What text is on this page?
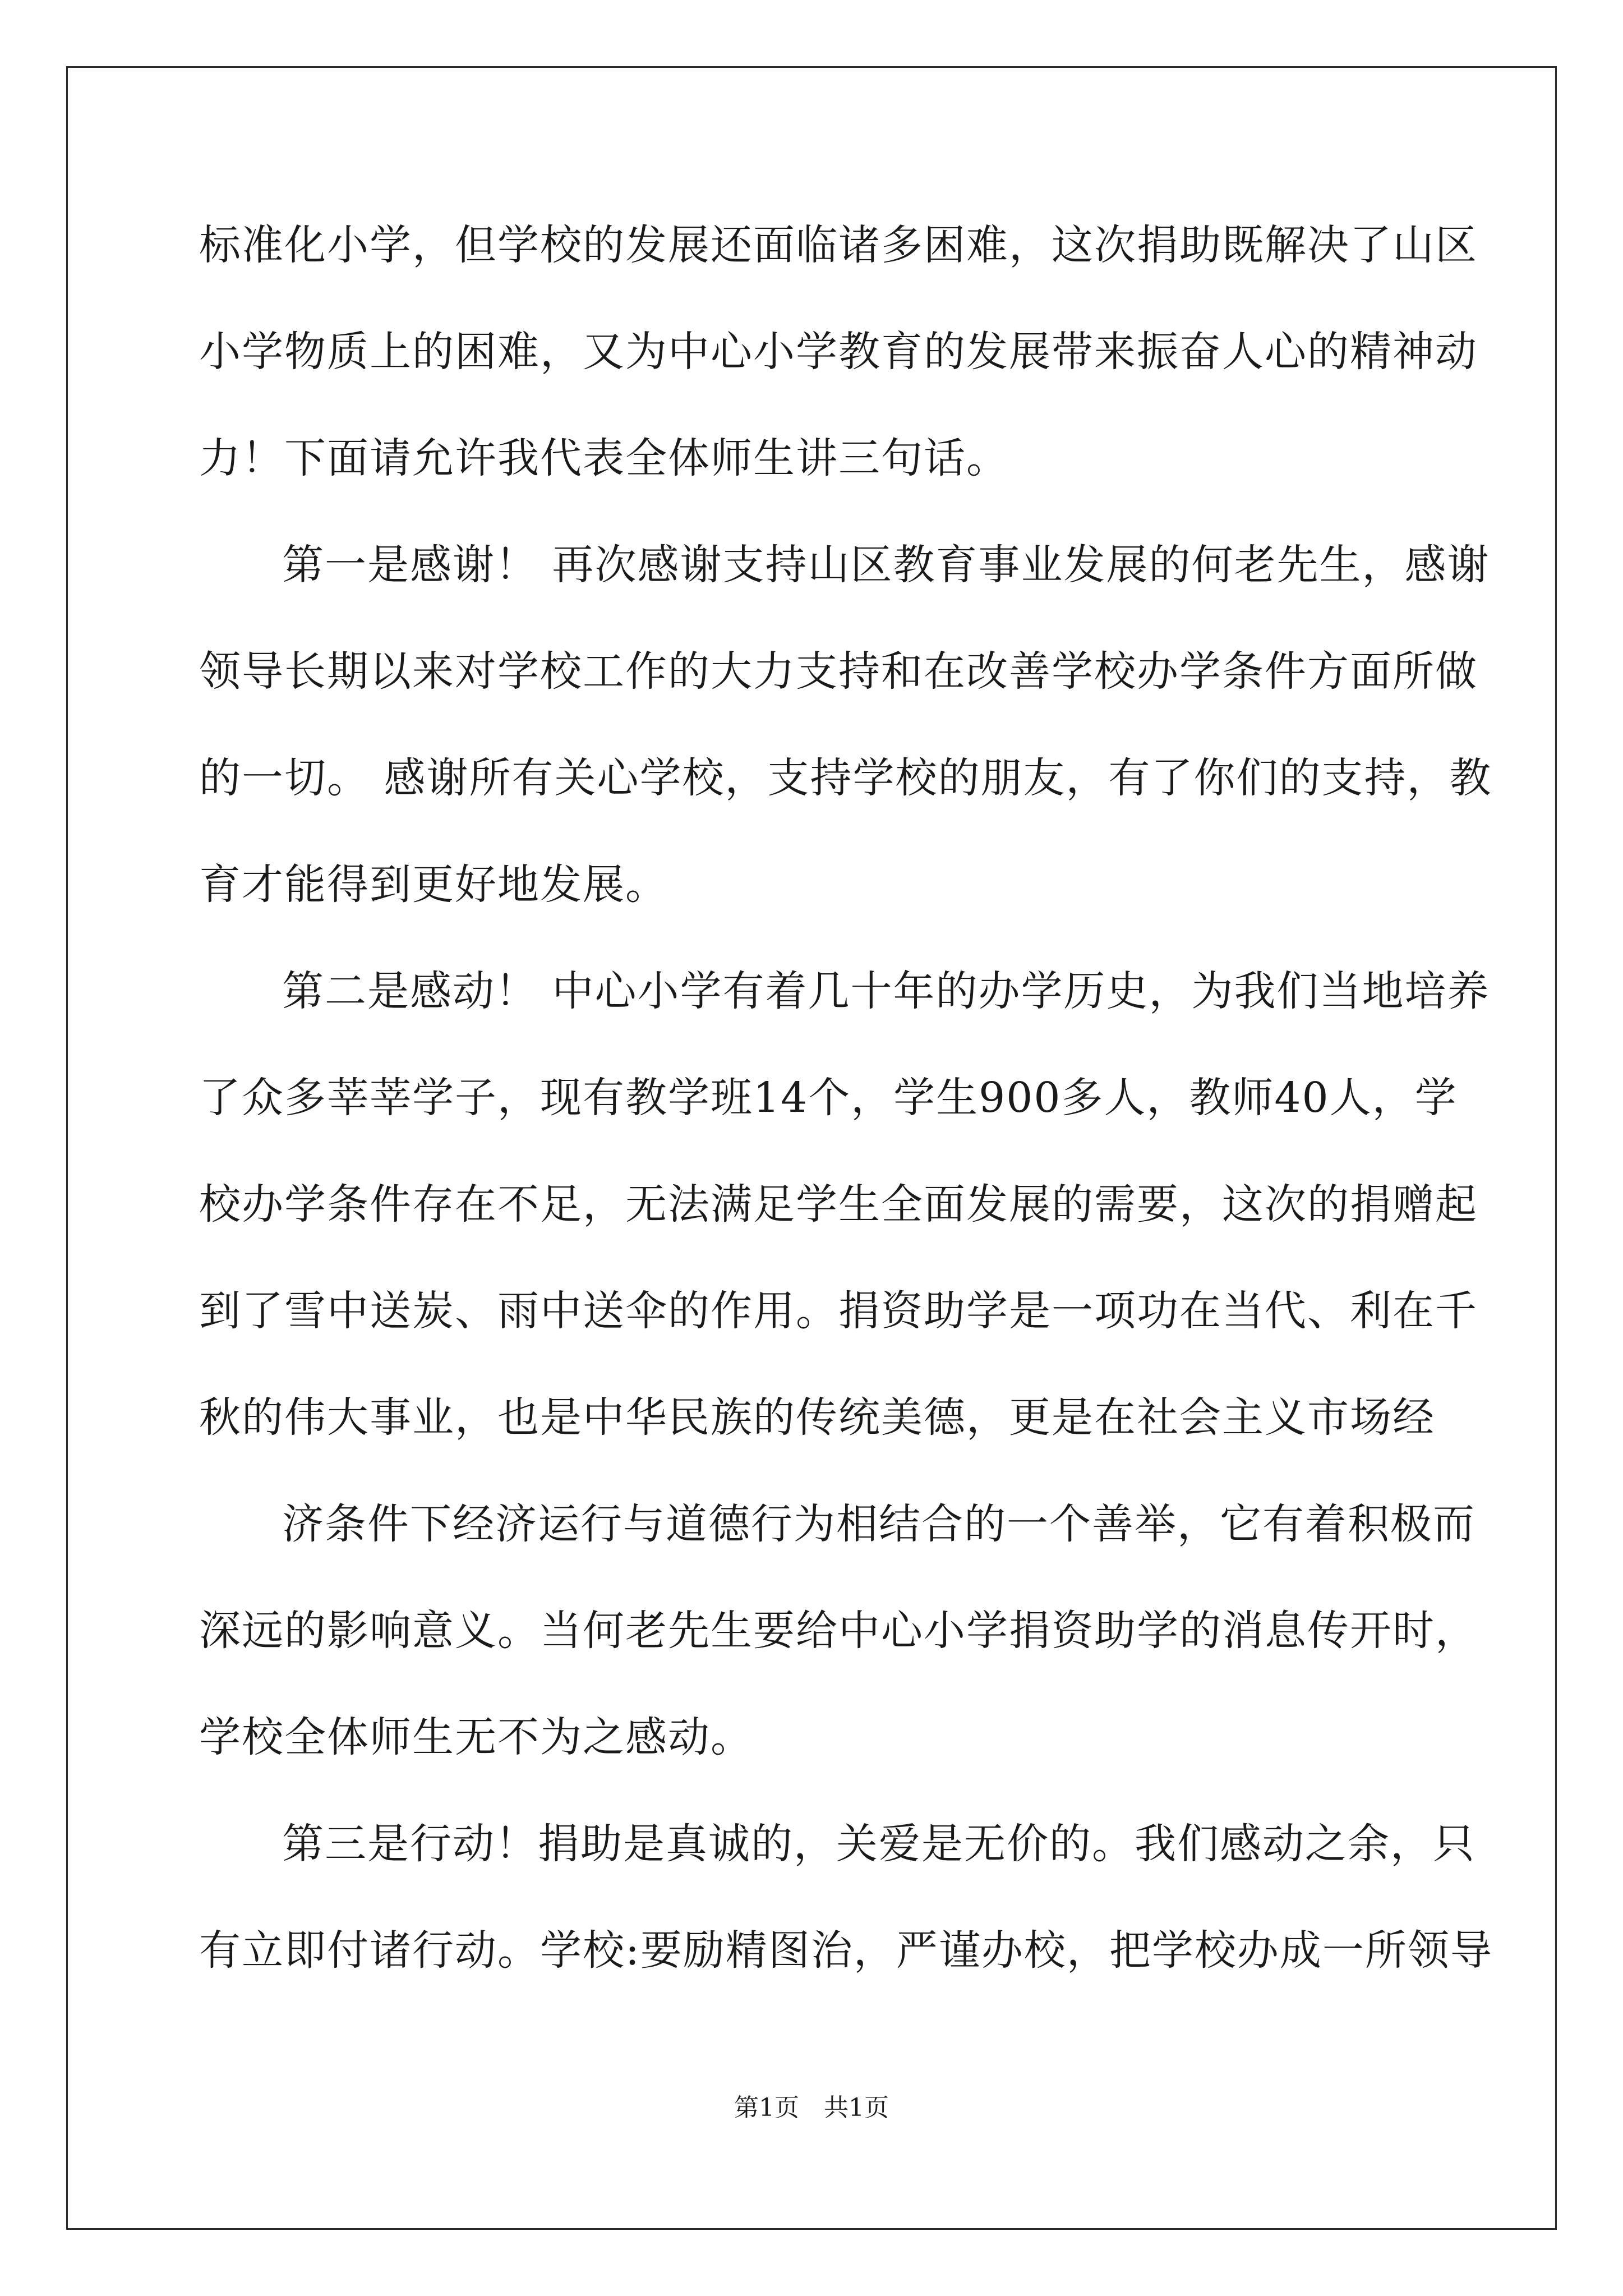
标准化小学，但学校的发展还面临诸多困难，这次捐助既解决了山区

小学物质上的困难，又为中心小学教育的发展带来振奋人心的精神动

力！下面请允许我代表全体师生讲三句话。

第一是感谢！ 再次感谢支持山区教育事业发展的何老先生，感谢

领导长期以来对学校工作的大力支持和在改善学校办学条件方面所做

的一切。 感谢所有关心学校，支持学校的朋友，有了你们的支持，教

育才能得到更好地发展。

第二是感动！ 中心小学有着几十年的办学历史，为我们当地培养

了众多莘莘学子，现有教学班14个，学生900多人，教师40人，学

校办学条件存在不足，无法满足学生全面发展的需要，这次的捐赠起

到了雪中送炭、雨中送伞的作用。捐资助学是一项功在当代、利在千

秋的伟大事业，也是中华民族的传统美德，更是在社会主义市场经

济条件下经济运行与道德行为相结合的一个善举，它有着积极而

深远的影响意义。当何老先生要给中心小学捐资助学的消息传开时，

学校全体师生无不为之感动。

第三是行动！捐助是真诚的，关爱是无价的。我们感动之余，只

有立即付诸行动。学校:要励精图治，严谨办校，把学校办成一所领导

第1页　共1页
